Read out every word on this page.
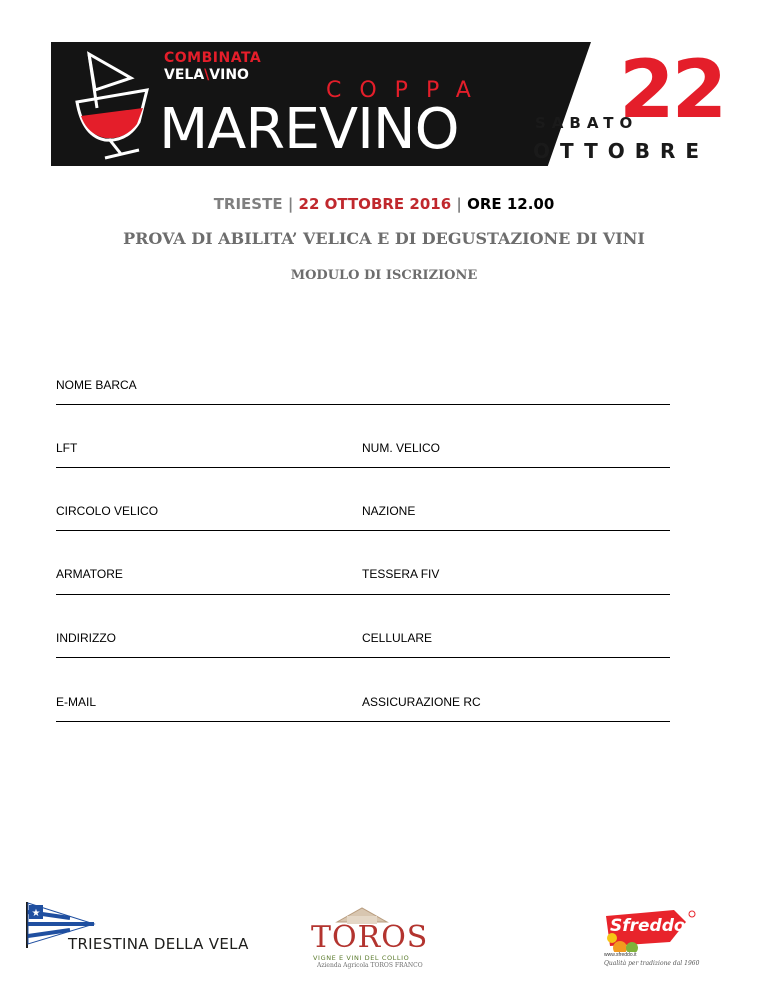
COMBINATA
VELA\VINO
COPPA
MAREVINO	SABATO
22
OTTOBRE
TRIESTE | 22 OTTOBRE 2016 | ORE 12.00
PROVA DI ABILITA’ VELICA E DI DEGUSTAZIONE DI VINI
MODULO DI ISCRIZIONE
NOME BARCA
LFT	NUM. VELICO
CIRCOLO VELICO	NAZIONE
ARMATORE	TESSERA FIV
INDIRIZZO	CELLULARE
E-MAIL	ASSICURAZIONE RC
★
TRIESTINA DELLA VELA TOROS
VIGNE E VINI DEL COLLIO
Azienda Agricola TOROS FRANCO
Sfreddo
www.sfreddo.it
Qualità per tradizione dal 1960
